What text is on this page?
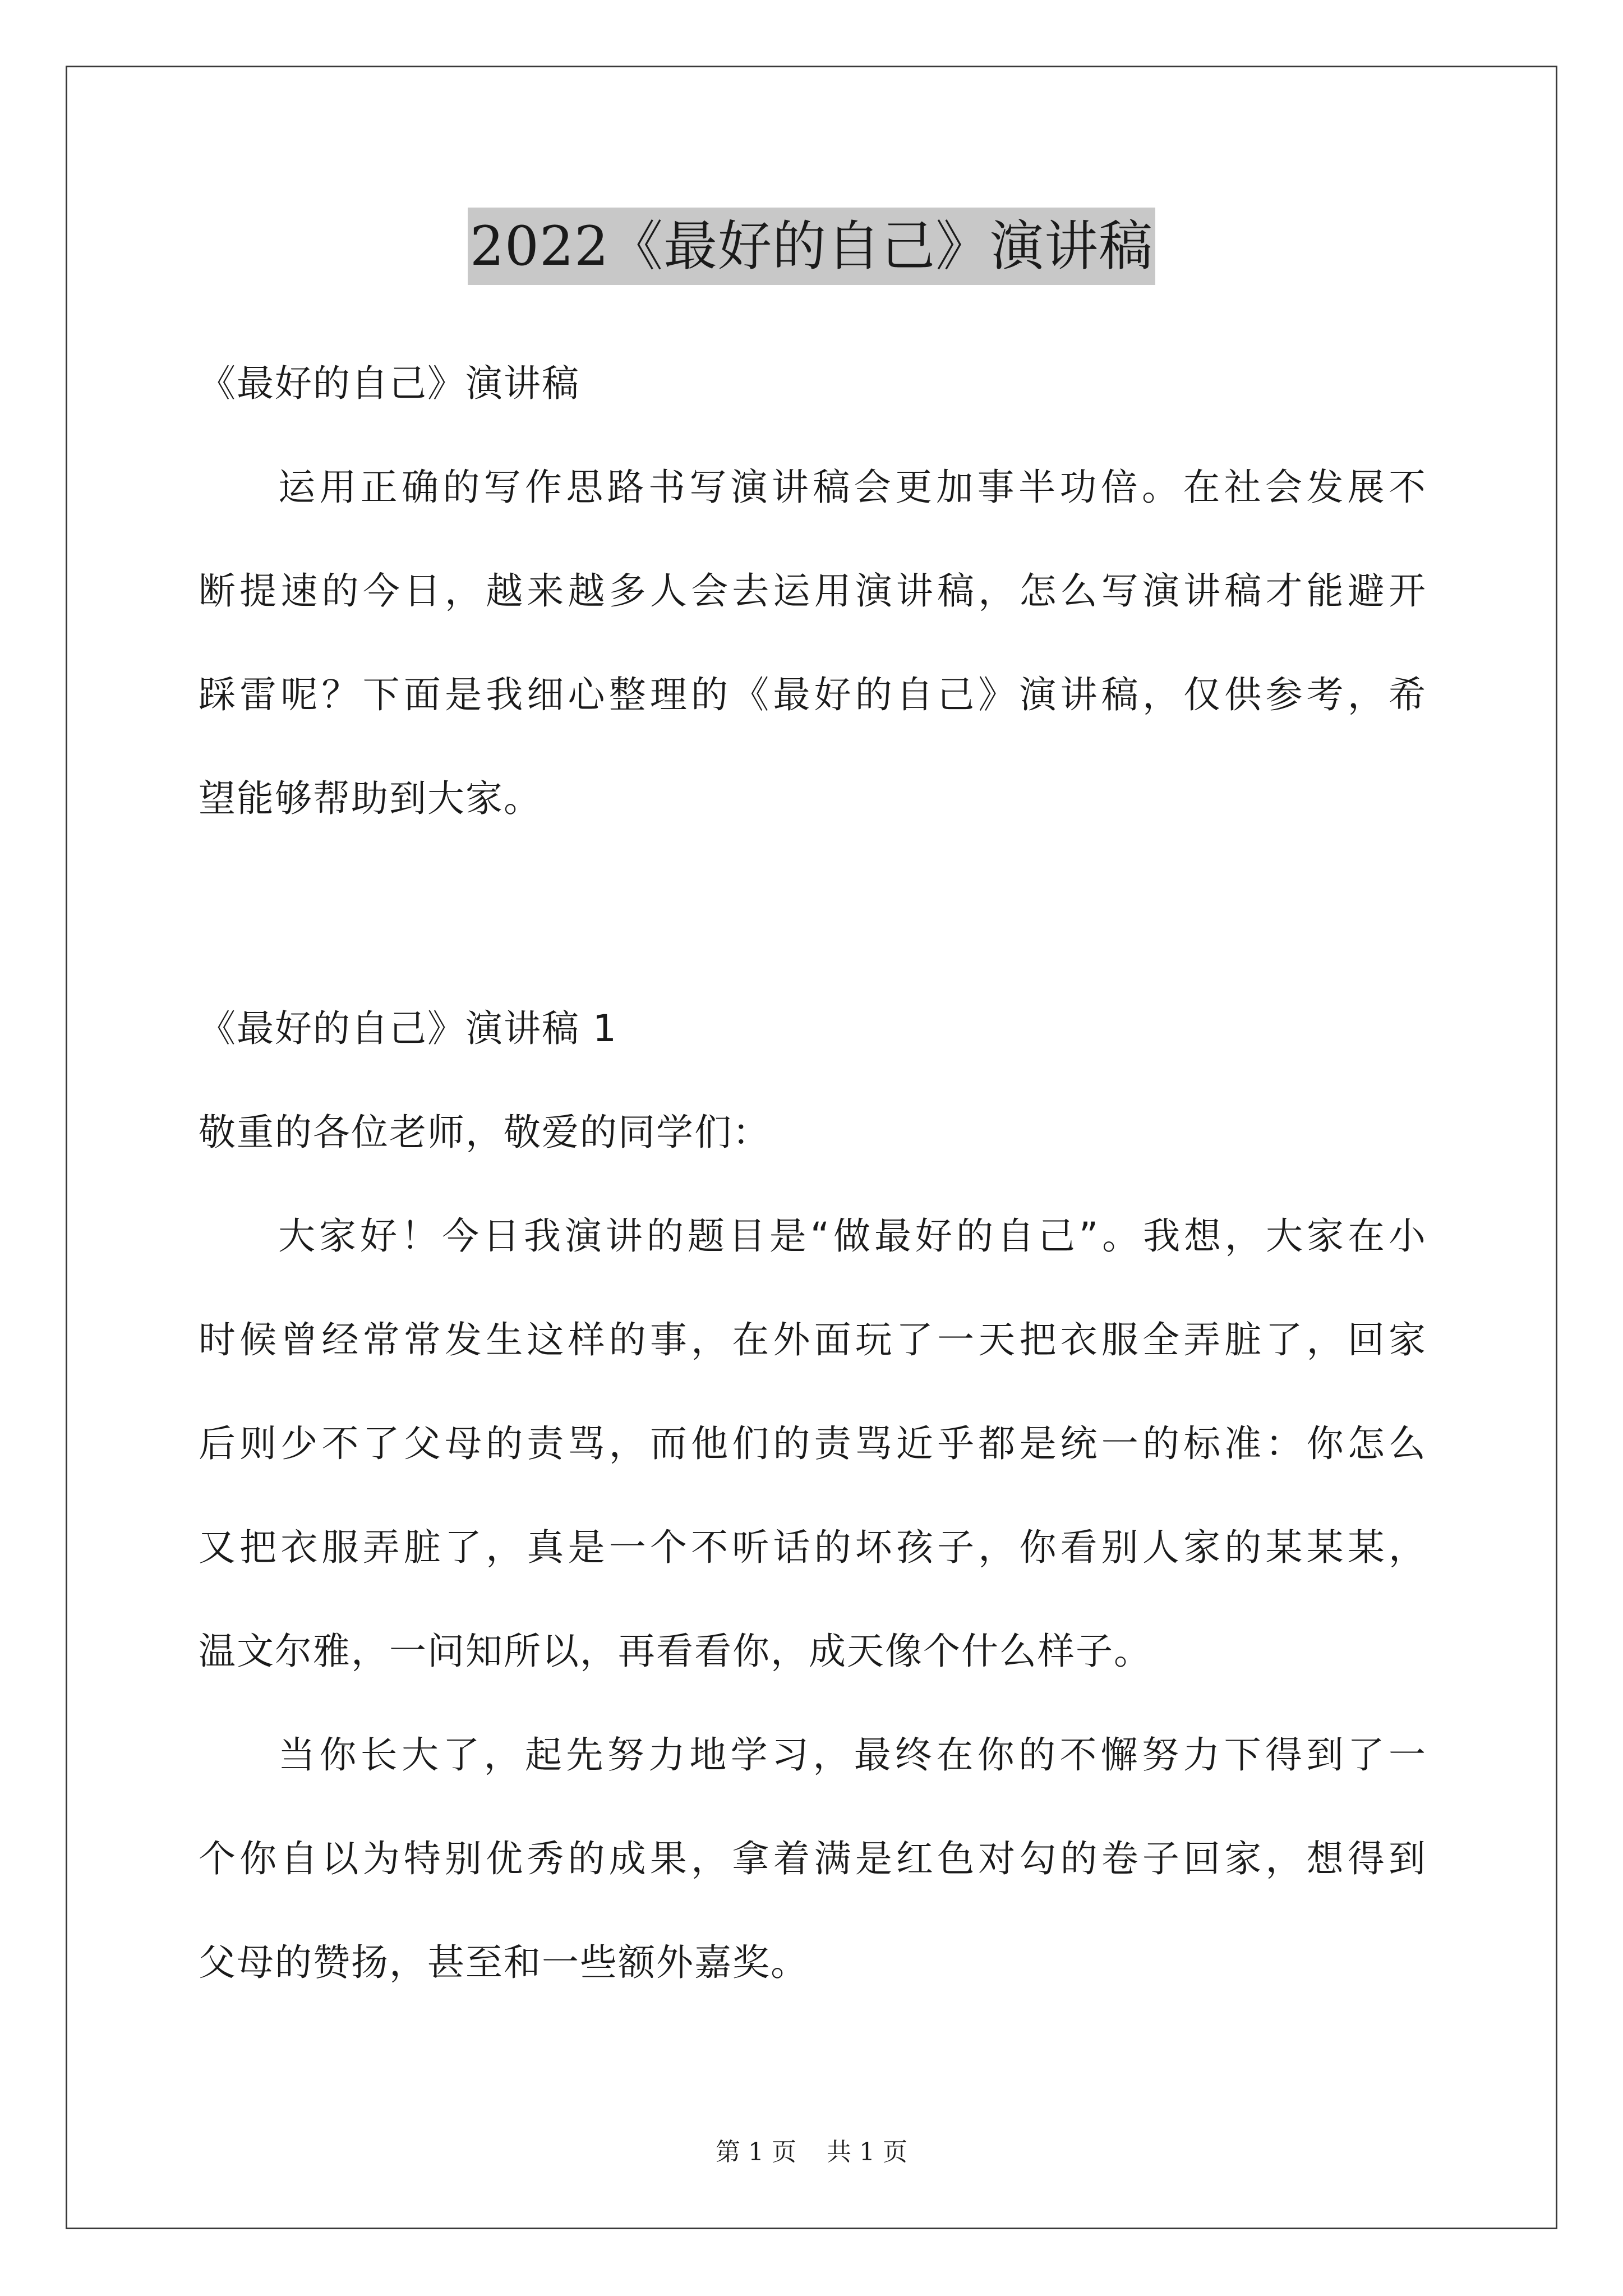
2022《最好的自己》演讲稿
《最好的自己》演讲稿
运用正确的写作思路书写演讲稿会更加事半功倍。在社会发展不
断提速的今日，越来越多人会去运用演讲稿，怎么写演讲稿才能避开
踩雷呢？下面是我细心整理的《最好的自己》演讲稿，仅供参考，希
望能够帮助到大家。
《最好的自己》演讲稿 1
敬重的各位老师，敬爱的同学们：
大家好！今日我演讲的题目是“做最好的自己”。我想，大家在小
时候曾经常常发生这样的事，在外面玩了一天把衣服全弄脏了，回家
后则少不了父母的责骂，而他们的责骂近乎都是统一的标准：你怎么
又把衣服弄脏了，真是一个不听话的坏孩子，你看别人家的某某某，
温文尔雅，一问知所以，再看看你，成天像个什么样子。
当你长大了，起先努力地学习，最终在你的不懈努力下得到了一
个你自以为特别优秀的成果，拿着满是红色对勾的卷子回家，想得到
父母的赞扬，甚至和一些额外嘉奖。
第 1 页 共 1 页
